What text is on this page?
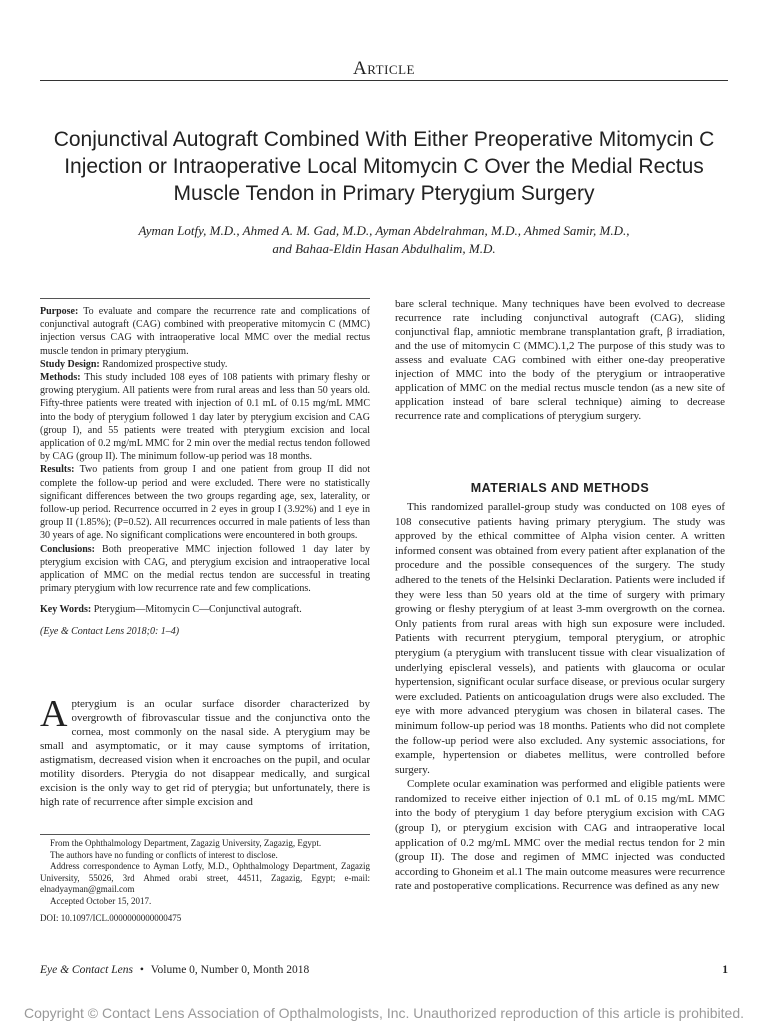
Article
Conjunctival Autograft Combined With Either Preoperative Mitomycin C Injection or Intraoperative Local Mitomycin C Over the Medial Rectus Muscle Tendon in Primary Pterygium Surgery
Ayman Lotfy, M.D., Ahmed A. M. Gad, M.D., Ayman Abdelrahman, M.D., Ahmed Samir, M.D.,
and Bahaa-Eldin Hasan Abdulhalim, M.D.

Purpose: To evaluate and compare the recurrence rate and complications of conjunctival autograft (CAG) combined with preoperative mitomycin C (MMC) injection versus CAG with intraoperative local MMC over the medial rectus muscle tendon in primary pterygium.

Study Design: Randomized prospective study.

Methods: This study included 108 eyes of 108 patients with primary fleshy or growing pterygium. All patients were from rural areas and less than 50 years old. Fifty-three patients were treated with injection of 0.1 mL of 0.15 mg/mL MMC into the body of pterygium followed 1 day later by pterygium excision and CAG (group I), and 55 patients were treated with pterygium excision and local application of 0.2 mg/mL MMC for 2 min over the medial rectus tendon followed by CAG (group II). The minimum follow-up period was 18 months.

Results: Two patients from group I and one patient from group II did not complete the follow-up period and were excluded. There were no statistically significant differences between the two groups regarding age, sex, laterality, or follow-up period. Recurrence occurred in 2 eyes in group I (3.92%) and 1 eye in group II (1.85%); (P=0.52). All recurrences occurred in male patients of less than 30 years of age. No significant complications were encountered in both groups.

Conclusions: Both preoperative MMC injection followed 1 day later by pterygium excision with CAG, and pterygium excision and intraoperative local application of MMC on the medial rectus tendon are successful in treating primary pterygium with low recurrence rate and few complications.

Key Words: Pterygium—Mitomycin C—Conjunctival autograft.

(Eye & Contact Lens 2018;0: 1–4)

A pterygium is an ocular surface disorder characterized by overgrowth of fibrovascular tissue and the conjunctiva onto the cornea, most commonly on the nasal side. A pterygium may be small and asymptomatic, or it may cause symptoms of irritation, astigmatism, decreased vision when it encroaches on the pupil, and ocular motility disorders. Pterygia do not disappear medically, and surgical excision is the only way to get rid of pterygia; but unfortunately, there is high rate of recurrence after simple excision and

From the Ophthalmology Department, Zagazig University, Zagazig, Egypt.

The authors have no funding or conflicts of interest to disclose.

Address correspondence to Ayman Lotfy, M.D., Ophthalmology Department, Zagazig University, 55026, 3rd Ahmed orabi street, 44511, Zagazig, Egypt; e-mail: elnadyayman@gmail.com

Accepted October 15, 2017.

DOI: 10.1097/ICL.0000000000000475

bare scleral technique. Many techniques have been evolved to decrease recurrence rate including conjunctival autograft (CAG), sliding conjunctival flap, amniotic membrane transplantation graft, β irradiation, and the use of mitomycin C (MMC).1,2 The purpose of this study was to assess and evaluate CAG combined with either one-day preoperative injection of MMC into the body of the pterygium or intraoperative application of MMC on the medial rectus muscle tendon (as a new site of application instead of bare scleral technique) aiming to decrease recurrence rate and complications of pterygium surgery.

MATERIALS AND METHODS

This randomized parallel-group study was conducted on 108 eyes of 108 consecutive patients having primary pterygium. The study was approved by the ethical committee of Alpha vision center. A written informed consent was obtained from every patient after explanation of the procedure and the possible consequences of the surgery. The study adhered to the tenets of the Helsinki Declaration. Patients were included if they were less than 50 years old at the time of surgery with primary growing or fleshy pterygium of at least 3-mm overgrowth on the cornea. Only patients from rural areas with high sun exposure were included. Patients with recurrent pterygium, temporal pterygium, or atrophic pterygium (a pterygium with translucent tissue with clear visualization of underlying episcleral vessels), and patients with glaucoma or ocular hypertension, significant ocular surface disease, or previous ocular surgery were excluded. Patients on anticoagulation drugs were also excluded. The eye with more advanced pterygium was chosen in bilateral cases. The minimum follow-up period was 18 months. Patients who did not complete the follow-up period were also excluded. Any systemic associations, for example, hypertension or diabetes mellitus, were controlled before surgery.

Complete ocular examination was performed and eligible patients were randomized to receive either injection of 0.1 mL of 0.15 mg/mL MMC into the body of pterygium 1 day before pterygium excision with CAG (group I), or pterygium excision with CAG and intraoperative local application of 0.2 mg/mL MMC over the medial rectus tendon for 2 min (group II). The dose and regimen of MMC injected was conducted according to Ghoneim et al.1 The main outcome measures were recurrence rate and postoperative complications. Recurrence was defined as any new

Eye & Contact Lens • Volume 0, Number 0, Month 2018	1
Copyright © Contact Lens Association of Opthalmologists, Inc. Unauthorized reproduction of this article is prohibited.
